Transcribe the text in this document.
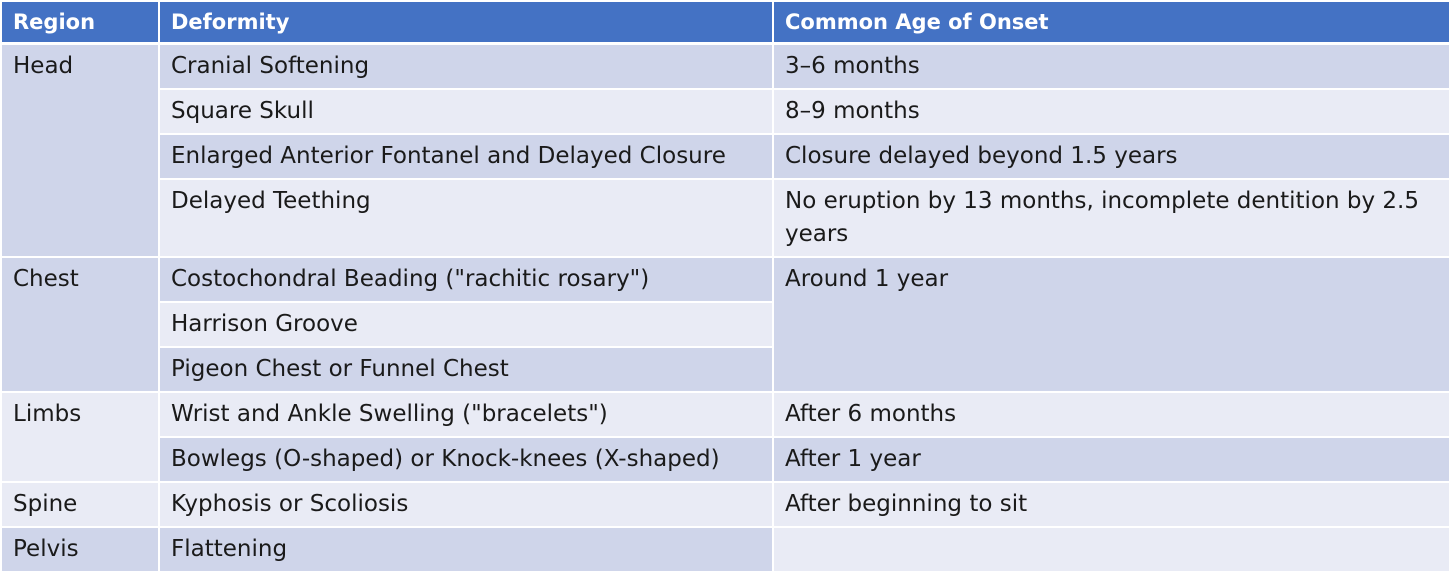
Region	Deformity	Common Age of Onset
Head	Cranial Softening	3–6 months
	Square Skull	8–9 months
	Enlarged Anterior Fontanel and Delayed Closure	Closure delayed beyond 1.5 years
	Delayed Teething	No eruption by 13 months, incomplete dentition by 2.5 years
Chest	Costochondral Beading ("rachitic rosary")	Around 1 year
	Harrison Groove	
	Pigeon Chest or Funnel Chest	
Limbs	Wrist and Ankle Swelling ("bracelets")	After 6 months
	Bowlegs (O-shaped) or Knock-knees (X-shaped)	After 1 year
Spine	Kyphosis or Scoliosis	After beginning to sit
Pelvis	Flattening	
